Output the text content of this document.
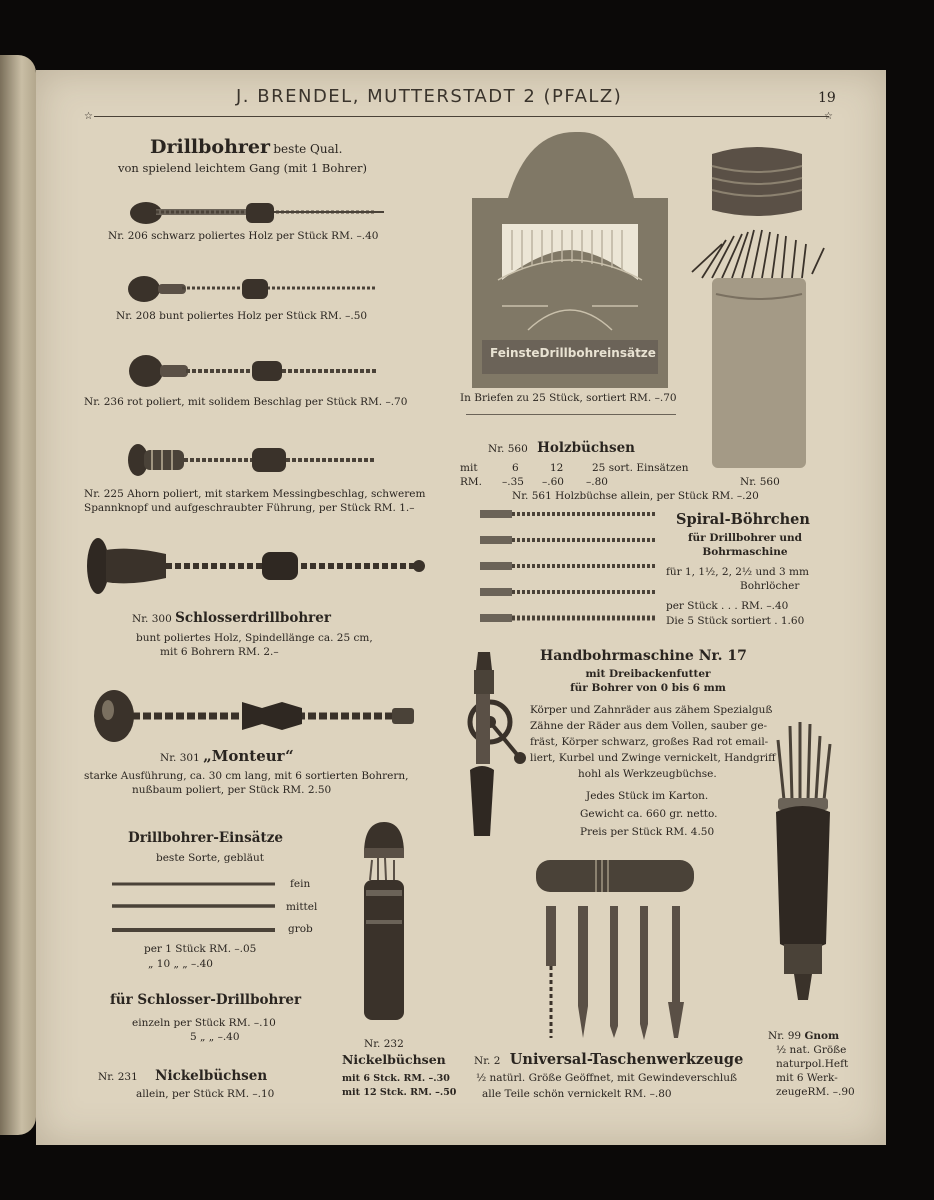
J. BRENDEL, MUTTERSTADT 2 (PFALZ)	19
☆	☆
Drillbohrer beste Qual.
von spielend leichtem Gang (mit 1 Bohrer)
Nr. 206 schwarz poliertes Holz per Stück RM. –.40
Nr. 208 bunt poliertes Holz per Stück RM. –.50
Nr. 236 rot poliert, mit solidem Beschlag per Stück RM. –.70
Nr. 225 Ahorn poliert, mit starkem Messingbeschlag, schwerem
Spannknopf und aufgeschraubter Führung, per Stück RM. 1.–
Nr. 300 Schlosserdrillbohrer
bunt poliertes Holz, Spindellänge ca. 25 cm,
mit 6 Bohrern RM. 2.–
Nr. 301 „Monteur“
starke Ausführung, ca. 30 cm lang, mit 6 sortierten Bohrern,
nußbaum poliert, per Stück RM. 2.50
Drillbohrer-Einsätze
beste Sorte, gebläut
fein
mittel
grob
per 1 Stück RM. –.05
„ 10 „ „ –.40
für Schlosser-Drillbohrer
einzeln per Stück RM. –.10
5 „ „ –.40
Nr. 231 Nickelbüchsen
allein, per Stück RM. –.10
Nr. 232
Nickelbüchsen
mit 6 Stck. RM. –.30
mit 12 Stck. RM. –.50
FeinsteDrillbohreinsätze
In Briefen zu 25 Stück, sortiert RM. –.70
Nr. 560
Nr. 560 Holzbüchsen
mit	6	12	25 sort. Einsätzen
RM. –.35 –.60 –.80
Nr. 561 Holzbüchse allein, per Stück RM. –.20
Spiral-Böhrchen
für Drillbohrer und
Bohrmaschine
für 1, 1½, 2, 2½ und 3 mm
Bohrlöcher
per Stück . . . RM. –.40
Die 5 Stück sortiert . 1.60
Handbohrmaschine Nr. 17
mit Dreibackenfutter
für Bohrer von 0 bis 6 mm
Körper und Zahnräder aus zähem Spezialguß
Zähne der Räder aus dem Vollen, sauber ge-
fräst, Körper schwarz, großes Rad rot email-
liert, Kurbel und Zwinge vernickelt, Handgriff
hohl als Werkzeugbüchse.
Jedes Stück im Karton.
Gewicht ca. 660 gr. netto.
Preis per Stück RM. 4.50
Nr. 2 Universal-Taschenwerkzeuge
½ natürl. Größe Geöffnet, mit Gewindeverschluß
alle Teile schön vernickelt RM. –.80
Nr. 99 Gnom
½ nat. Größe
naturpol.Heft
mit 6 Werk-
zeugeRM. –.90
